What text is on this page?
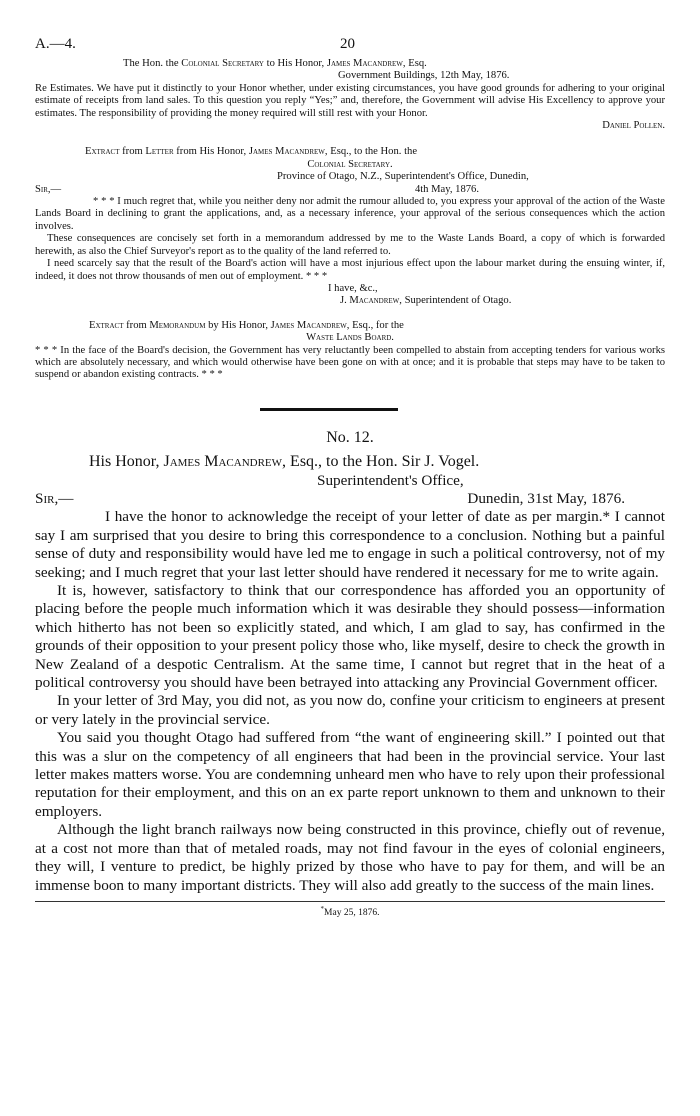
A.—4.	20

The Hon. the Colonial Secretary to His Honor, James Macandrew, Esq.

Government Buildings, 12th May, 1876.

Re Estimates. We have put it distinctly to your Honor whether, under existing circumstances, you have good grounds for adhering to your original estimate of receipts from land sales. To this question you reply “Yes;” and, therefore, the Government will advise His Excellency to approve your estimates. The responsibility of providing the money required will still rest with your Honor.

Daniel Pollen.

Extract from Letter from His Honor, James Macandrew, Esq., to the Hon. the

Colonial Secretary.

Province of Otago, N.Z., Superintendent's Office, Dunedin,

Sir,—	4th May, 1876.

* * * I much regret that, while you neither deny nor admit the rumour alluded to, you express your approval of the action of the Waste Lands Board in declining to grant the applications, and, as a necessary inference, your approval of the serious consequences which the action involves.

These consequences are concisely set forth in a memorandum addressed by me to the Waste Lands Board, a copy of which is forwarded herewith, as also the Chief Surveyor's report as to the quality of the land referred to.

I need scarcely say that the result of the Board's action will have a most injurious effect upon the labour market during the ensuing winter, if, indeed, it does not throw thousands of men out of employment. * * *

I have, &c.,

J. Macandrew, Superintendent of Otago.

Extract from Memorandum by His Honor, James Macandrew, Esq., for the

Waste Lands Board.

* * * In the face of the Board's decision, the Government has very reluctantly been compelled to abstain from accepting tenders for various works which are absolutely necessary, and which would otherwise have been gone on with at once; and it is probable that steps may have to be taken to suspend or abandon existing contracts. * * *

No. 12.

His Honor, James Macandrew, Esq., to the Hon. Sir J. Vogel.

Superintendent's Office,

Sir,—	Dunedin, 31st May, 1876.

I have the honor to acknowledge the receipt of your letter of date as per margin.* I cannot say I am surprised that you desire to bring this correspondence to a conclusion. Nothing but a painful sense of duty and responsibility would have led me to engage in such a political controversy, not of my seeking; and I much regret that your last letter should have rendered it necessary for me to write again.

It is, however, satisfactory to think that our correspondence has afforded you an opportunity of placing before the people much information which it was desirable they should possess—information which hitherto has not been so explicitly stated, and which, I am glad to say, has confirmed in the grounds of their opposition to your present policy those who, like myself, desire to check the growth in New Zealand of a despotic Centralism. At the same time, I cannot but regret that in the heat of a political controversy you should have been betrayed into attacking any Provincial Government officer.

In your letter of 3rd May, you did not, as you now do, confine your criticism to engineers at present or very lately in the provincial service.

You said you thought Otago had suffered from “the want of engineering skill.” I pointed out that this was a slur on the competency of all engineers that had been in the provincial service. Your last letter makes matters worse. You are condemning unheard men who have to rely upon their professional reputation for their employment, and this on an ex parte report unknown to them and unknown to their employers.

Although the light branch railways now being constructed in this province, chiefly out of revenue, at a cost not more than that of metaled roads, may not find favour in the eyes of colonial engineers, they will, I venture to predict, be highly prized by those who have to pay for them, and will be an immense boon to many important districts. They will also add greatly to the success of the main lines.

*May 25, 1876.
